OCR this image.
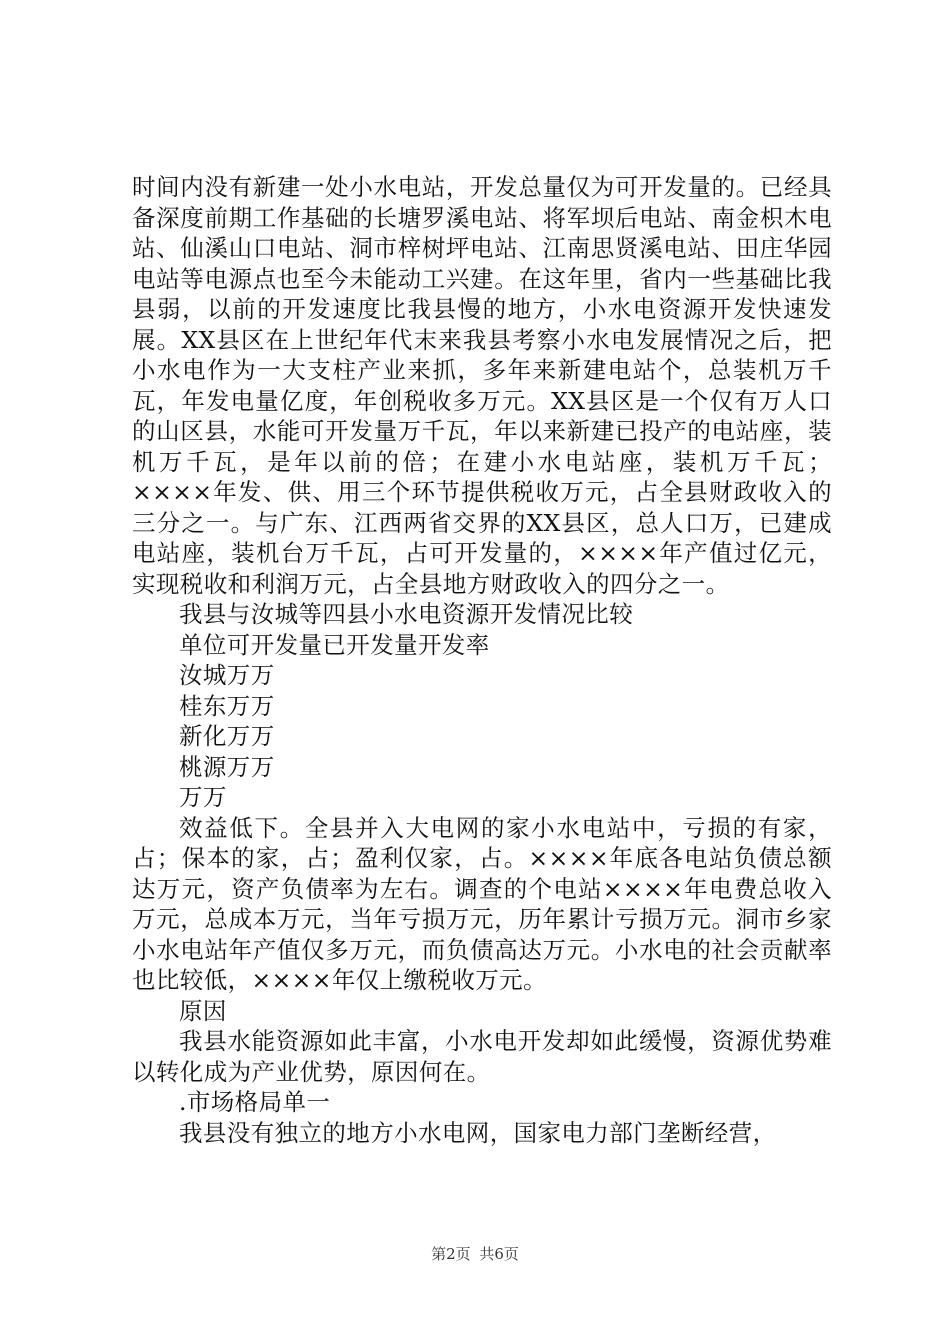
时间内没有新建一处小水电站，开发总量仅为可开发量的。已经具备深度前期工作基础的长塘罗溪电站、将军坝后电站、南金枳木电站、仙溪山口电站、洞市梓树坪电站、江南思贤溪电站、田庄华园电站等电源点也至今未能动工兴建。在这年里，省内一些基础比我县弱，以前的开发速度比我县慢的地方，小水电资源开发快速发展。XX县区在上世纪年代末来我县考察小水电发展情况之后，把小水电作为一大支柱产业来抓，多年来新建电站个，总装机万千瓦，年发电量亿度，年创税收多万元。XX县区是一个仅有万人口的山区县，水能可开发量万千瓦，年以来新建已投产的电站座，装机万千瓦，是年以前的倍；在建小水电站座，装机万千瓦；××××年发、供、用三个环节提供税收万元，占全县财政收入的三分之一。与广东、江西两省交界的XX县区，总人口万，已建成电站座，装机台万千瓦，占可开发量的，××××年产值过亿元，实现税收和利润万元，占全县地方财政收入的四分之一。

我县与汝城等四县小水电资源开发情况比较

单位可开发量已开发量开发率

汝城万万

桂东万万

新化万万

桃源万万

万万

效益低下。全县并入大电网的家小水电站中，亏损的有家，占；保本的家，占；盈利仅家，占。××××年底各电站负债总额达万元，资产负债率为左右。调查的个电站××××年电费总收入万元，总成本万元，当年亏损万元，历年累计亏损万元。洞市乡家小水电站年产值仅多万元，而负债高达万元。小水电的社会贡献率也比较低，××××年仅上缴税收万元。

原因

我县水能资源如此丰富，小水电开发却如此缓慢，资源优势难以转化成为产业优势，原因何在。

.市场格局单一

我县没有独立的地方小水电网，国家电力部门垄断经营，

第2页 共6页
